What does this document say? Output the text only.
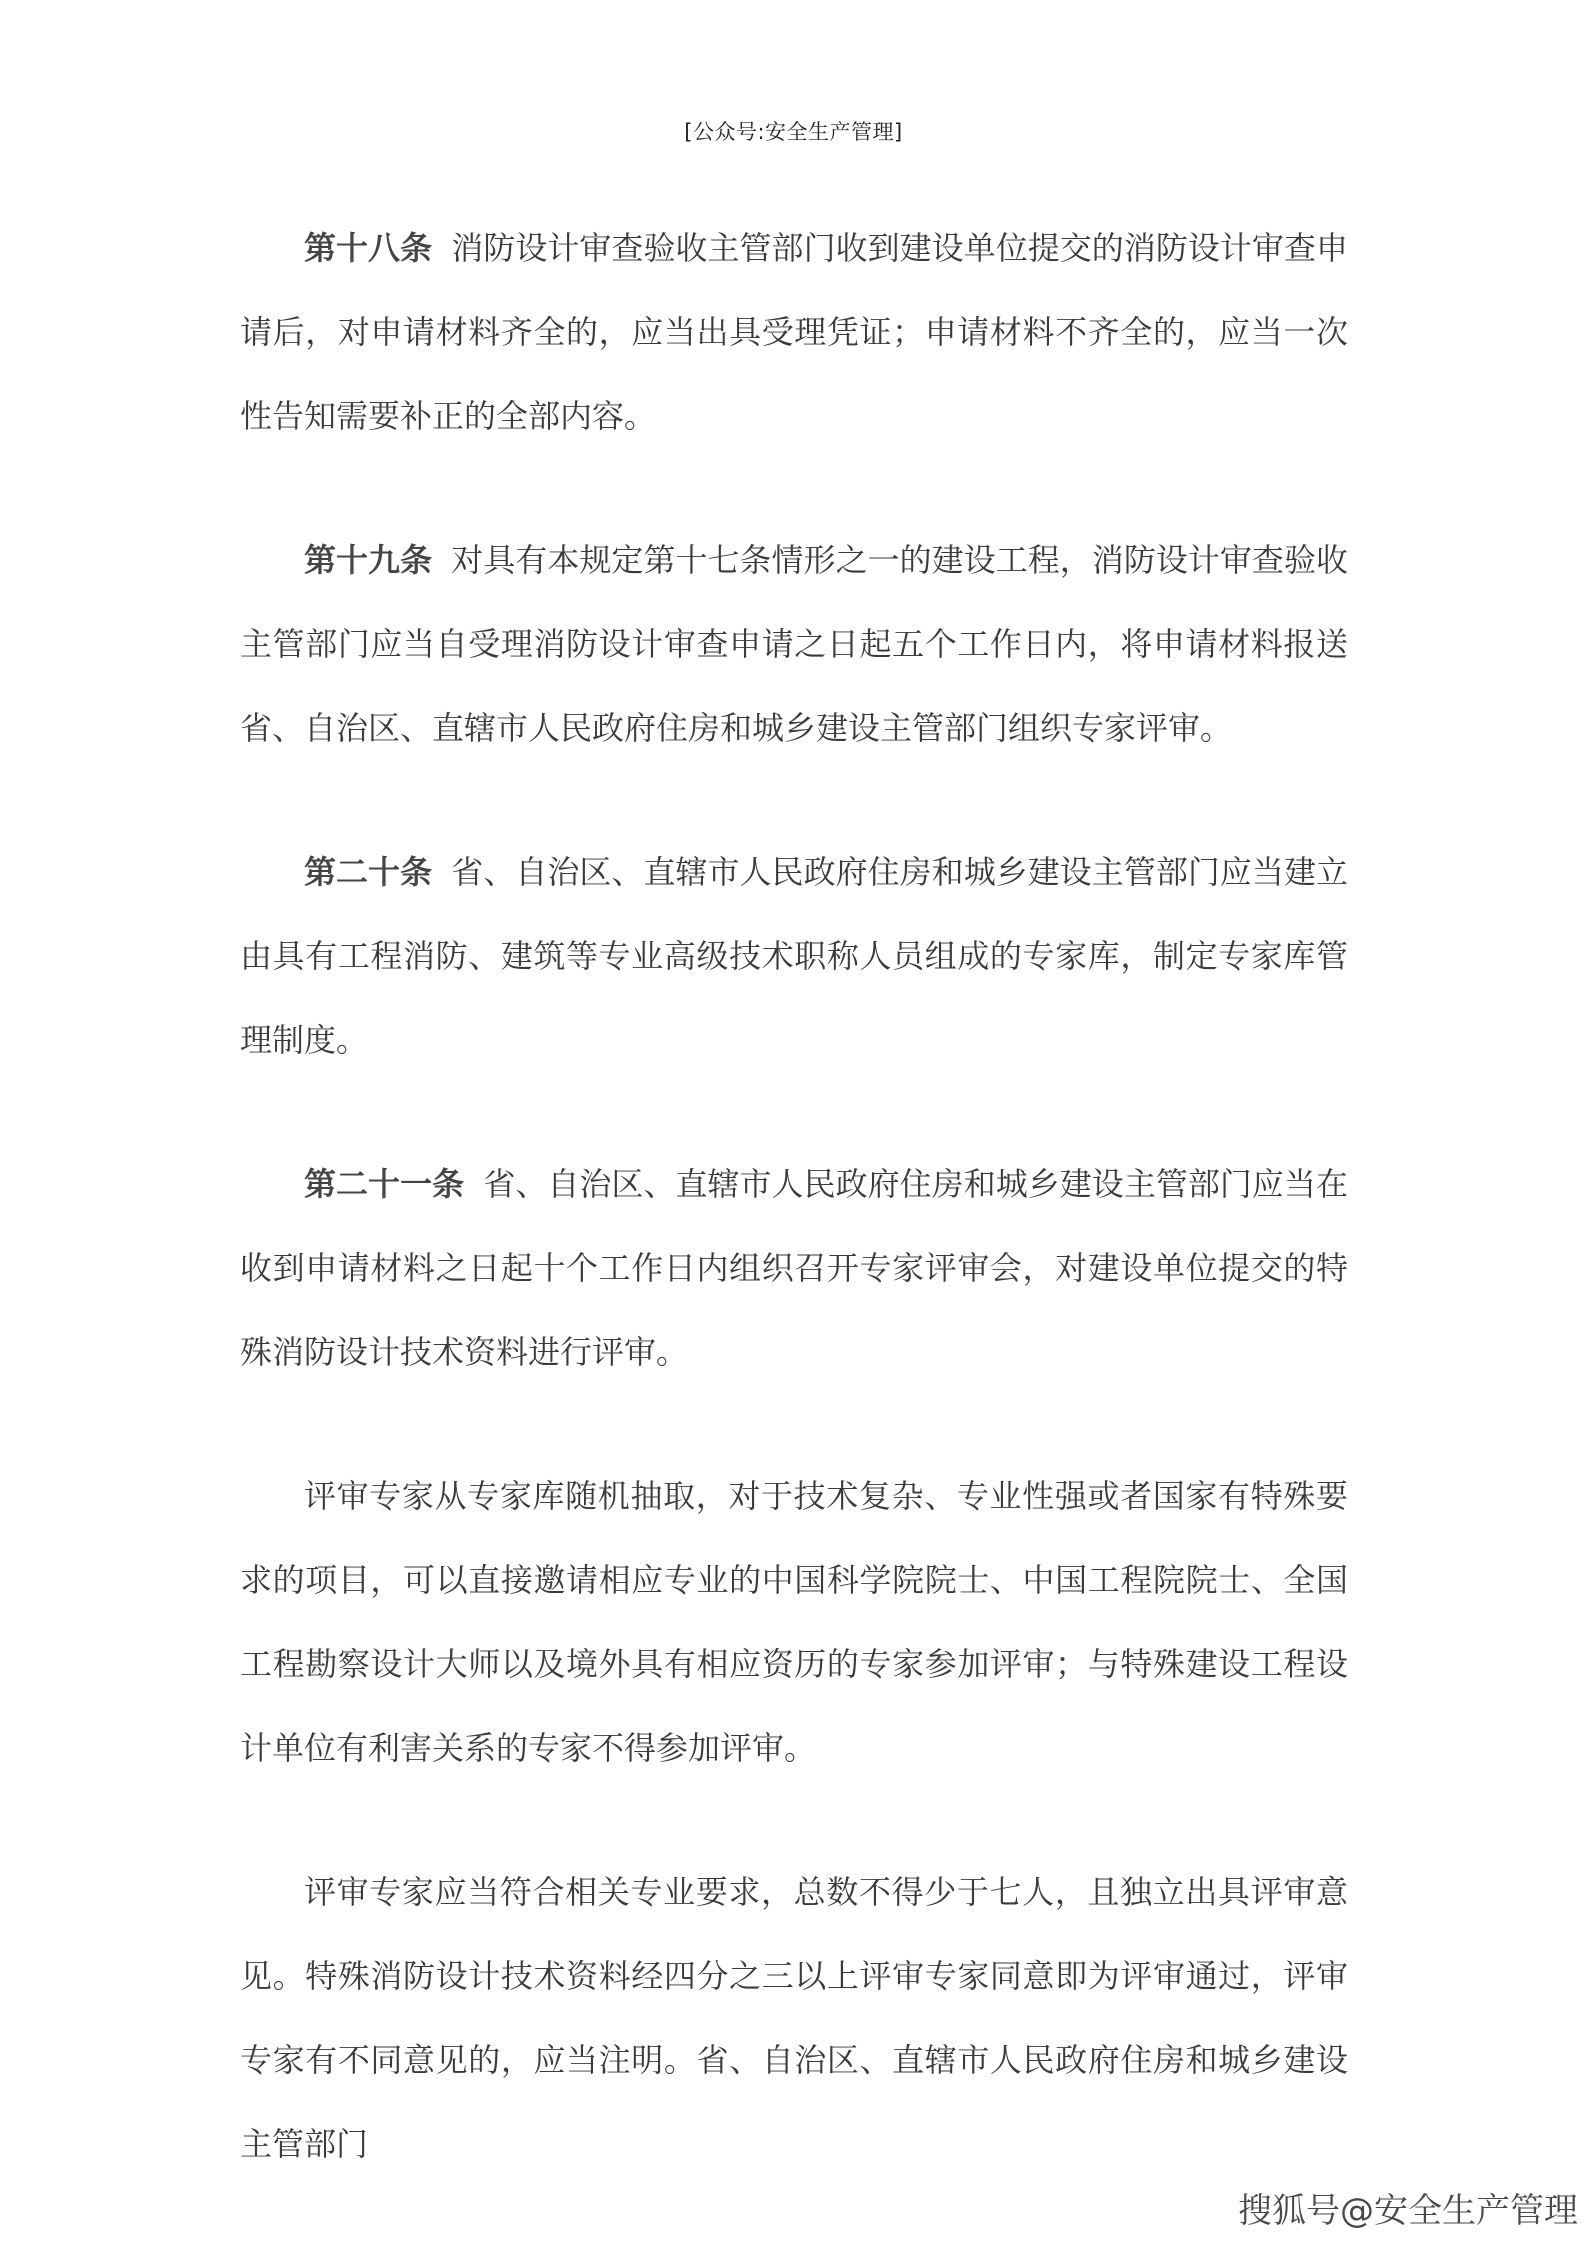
[公众号:安全生产管理]

第十八条 消防设计审查验收主管部门收到建设单位提交的消防设计审查申请后，对申请材料齐全的，应当出具受理凭证；申请材料不齐全的，应当一次性告知需要补正的全部内容。

第十九条 对具有本规定第十七条情形之一的建设工程，消防设计审查验收主管部门应当自受理消防设计审查申请之日起五个工作日内，将申请材料报送省、自治区、直辖市人民政府住房和城乡建设主管部门组织专家评审。

第二十条 省、自治区、直辖市人民政府住房和城乡建设主管部门应当建立由具有工程消防、建筑等专业高级技术职称人员组成的专家库，制定专家库管理制度。

第二十一条 省、自治区、直辖市人民政府住房和城乡建设主管部门应当在收到申请材料之日起十个工作日内组织召开专家评审会，对建设单位提交的特殊消防设计技术资料进行评审。

评审专家从专家库随机抽取，对于技术复杂、专业性强或者国家有特殊要求的项目，可以直接邀请相应专业的中国科学院院士、中国工程院院士、全国工程勘察设计大师以及境外具有相应资历的专家参加评审；与特殊建设工程设计单位有利害关系的专家不得参加评审。

评审专家应当符合相关专业要求，总数不得少于七人，且独立出具评审意见。特殊消防设计技术资料经四分之三以上评审专家同意即为评审通过，评审专家有不同意见的，应当注明。省、自治区、直辖市人民政府住房和城乡建设主管部门

搜狐号@安全生产管理
